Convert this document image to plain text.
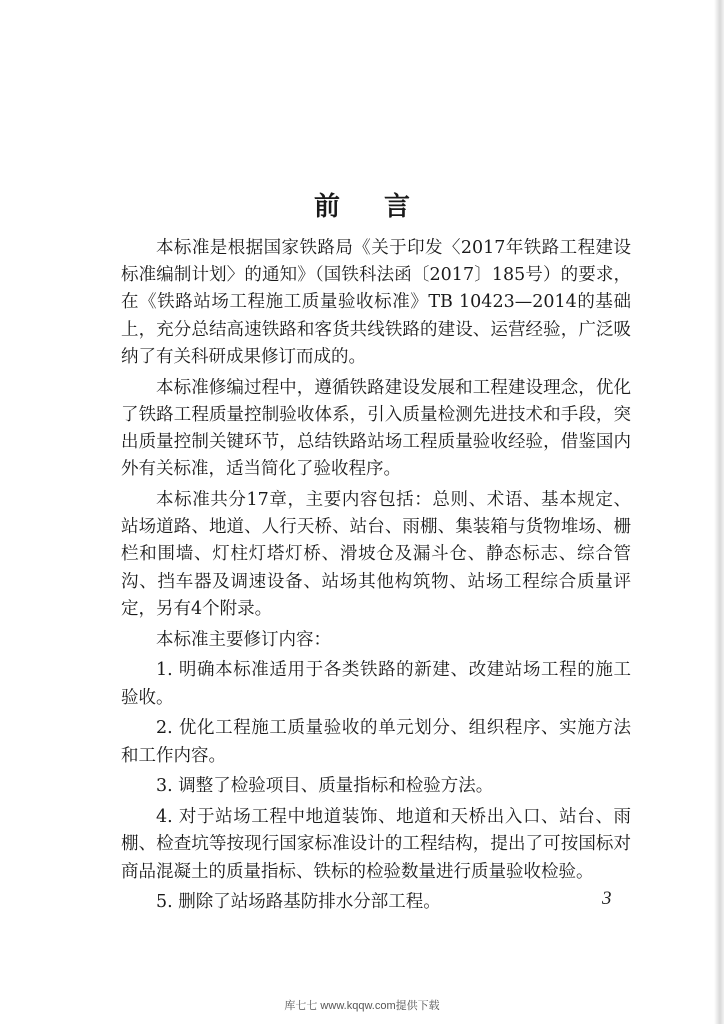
前言

本标准是根据国家铁路局《关于印发〈2017年铁路工程建设标准编制计划〉的通知》（国铁科法函〔2017〕185号）的要求，在《铁路站场工程施工质量验收标准》TB 10423—2014的基础上，充分总结高速铁路和客货共线铁路的建设、运营经验，广泛吸纳了有关科研成果修订而成的。

本标准修编过程中，遵循铁路建设发展和工程建设理念，优化了铁路工程质量控制验收体系，引入质量检测先进技术和手段，突出质量控制关键环节，总结铁路站场工程质量验收经验，借鉴国内外有关标准，适当简化了验收程序。

本标准共分17章，主要内容包括：总则、术语、基本规定、站场道路、地道、人行天桥、站台、雨棚、集装箱与货物堆场、栅栏和围墙、灯柱灯塔灯桥、滑坡仓及漏斗仓、静态标志、综合管沟、挡车器及调速设备、站场其他构筑物、站场工程综合质量评定，另有4个附录。

本标准主要修订内容：

1. 明确本标准适用于各类铁路的新建、改建站场工程的施工验收。

2. 优化工程施工质量验收的单元划分、组织程序、实施方法和工作内容。

3. 调整了检验项目、质量指标和检验方法。

4. 对于站场工程中地道装饰、地道和天桥出入口、站台、雨棚、检查坑等按现行国家标准设计的工程结构，提出了可按国标对商品混凝土的质量指标、铁标的检验数量进行质量验收检验。

5. 删除了站场路基防排水分部工程。	3
库七七 www.kqqw.com提供下载
